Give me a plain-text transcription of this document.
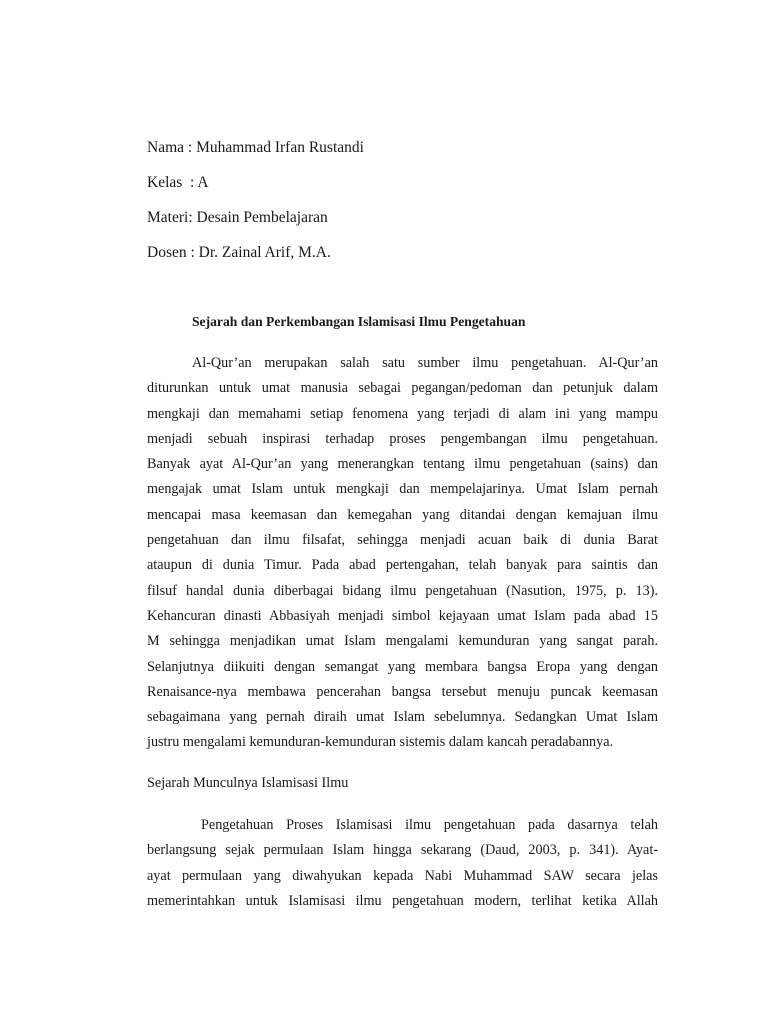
Nama : Muhammad Irfan Rustandi
Kelas  : A
Materi: Desain Pembelajaran
Dosen : Dr. Zainal Arif, M.A.
Sejarah dan Perkembangan Islamisasi Ilmu Pengetahuan
Al-Qur’an merupakan salah satu sumber ilmu pengetahuan. Al-Qur’an
diturunkan untuk umat manusia sebagai pegangan/pedoman dan petunjuk dalam
mengkaji dan memahami setiap fenomena yang terjadi di alam ini yang mampu
menjadi sebuah inspirasi terhadap proses pengembangan ilmu pengetahuan.
Banyak ayat Al-Qur’an yang menerangkan tentang ilmu pengetahuan (sains) dan
mengajak umat Islam untuk mengkaji dan mempelajarinya. Umat Islam pernah
mencapai masa keemasan dan kemegahan yang ditandai dengan kemajuan ilmu
pengetahuan dan ilmu filsafat, sehingga menjadi acuan baik di dunia Barat
ataupun di dunia Timur. Pada abad pertengahan, telah banyak para saintis dan
filsuf handal dunia diberbagai bidang ilmu pengetahuan (Nasution, 1975, p. 13).
Kehancuran dinasti Abbasiyah menjadi simbol kejayaan umat Islam pada abad 15
M sehingga menjadikan umat Islam mengalami kemunduran yang sangat parah.
Selanjutnya diikuiti dengan semangat yang membara bangsa Eropa yang dengan
Renaisance-nya membawa pencerahan bangsa tersebut menuju puncak keemasan
sebagaimana yang pernah diraih umat Islam sebelumnya. Sedangkan Umat Islam
justru mengalami kemunduran-kemunduran sistemis dalam kancah peradabannya.
Sejarah Munculnya Islamisasi Ilmu
Pengetahuan Proses Islamisasi ilmu pengetahuan pada dasarnya telah
berlangsung sejak permulaan Islam hingga sekarang (Daud, 2003, p. 341). Ayat-
ayat permulaan yang diwahyukan kepada Nabi Muhammad SAW secara jelas
memerintahkan untuk Islamisasi ilmu pengetahuan modern, terlihat ketika Allah
